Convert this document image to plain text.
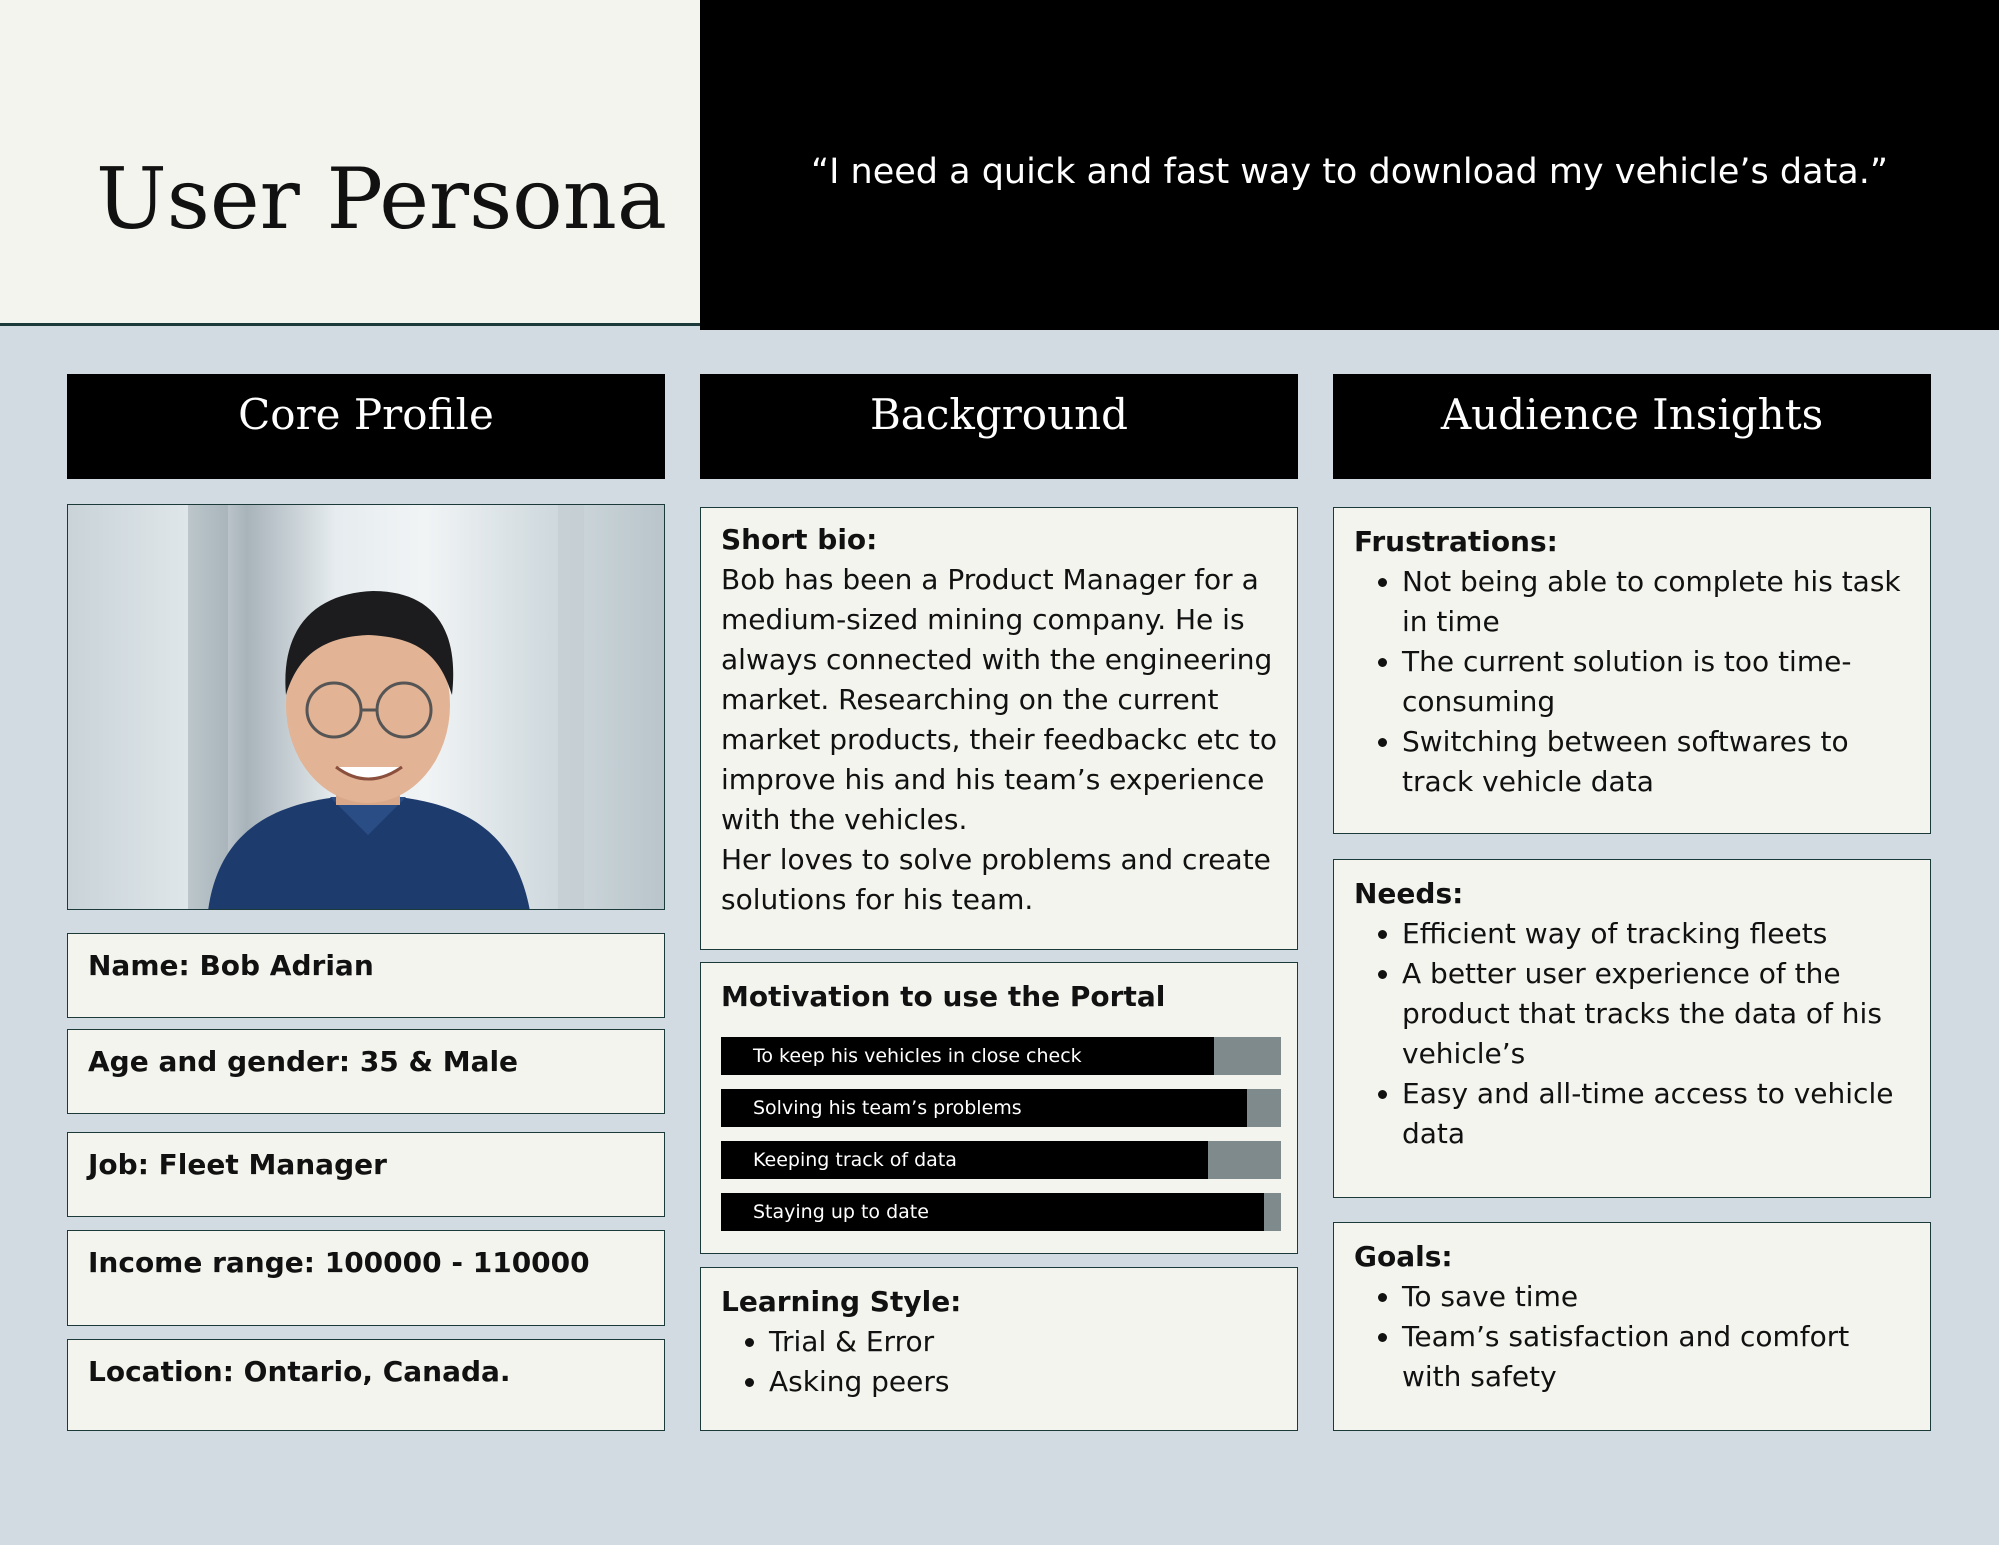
User Persona	“I need a quick and fast way to download my vehicle’s data.”
Core Profile	Background	Audience Insights
Name: Bob Adrian
Age and gender: 35 & Male
Job: Fleet Manager
Income range: 100000 - 110000
Location: Ontario, Canada.

Short bio:

Bob has been a Product Manager for a medium-sized mining company. He is always connected with the engineering market. Researching on the current market products, their feedbackc etc to improve his and his team’s experience with the vehicles.

Her loves to solve problems and create solutions for his team.

Motivation to use the Portal

To keep his vehicles in close check
Solving his team’s problems
Keeping track of data
Staying up to date

Learning Style:

• Trial & Error
• Asking peers

Frustrations:

• Not being able to complete his task in time
• The current solution is too time-consuming
• Switching between softwares to track vehicle data

Needs:

• Efficient way of tracking fleets
• A better user experience of the product that tracks the data of his vehicle’s
• Easy and all-time access to vehicle data

Goals:

• To save time
• Team’s satisfaction and comfort with safety
